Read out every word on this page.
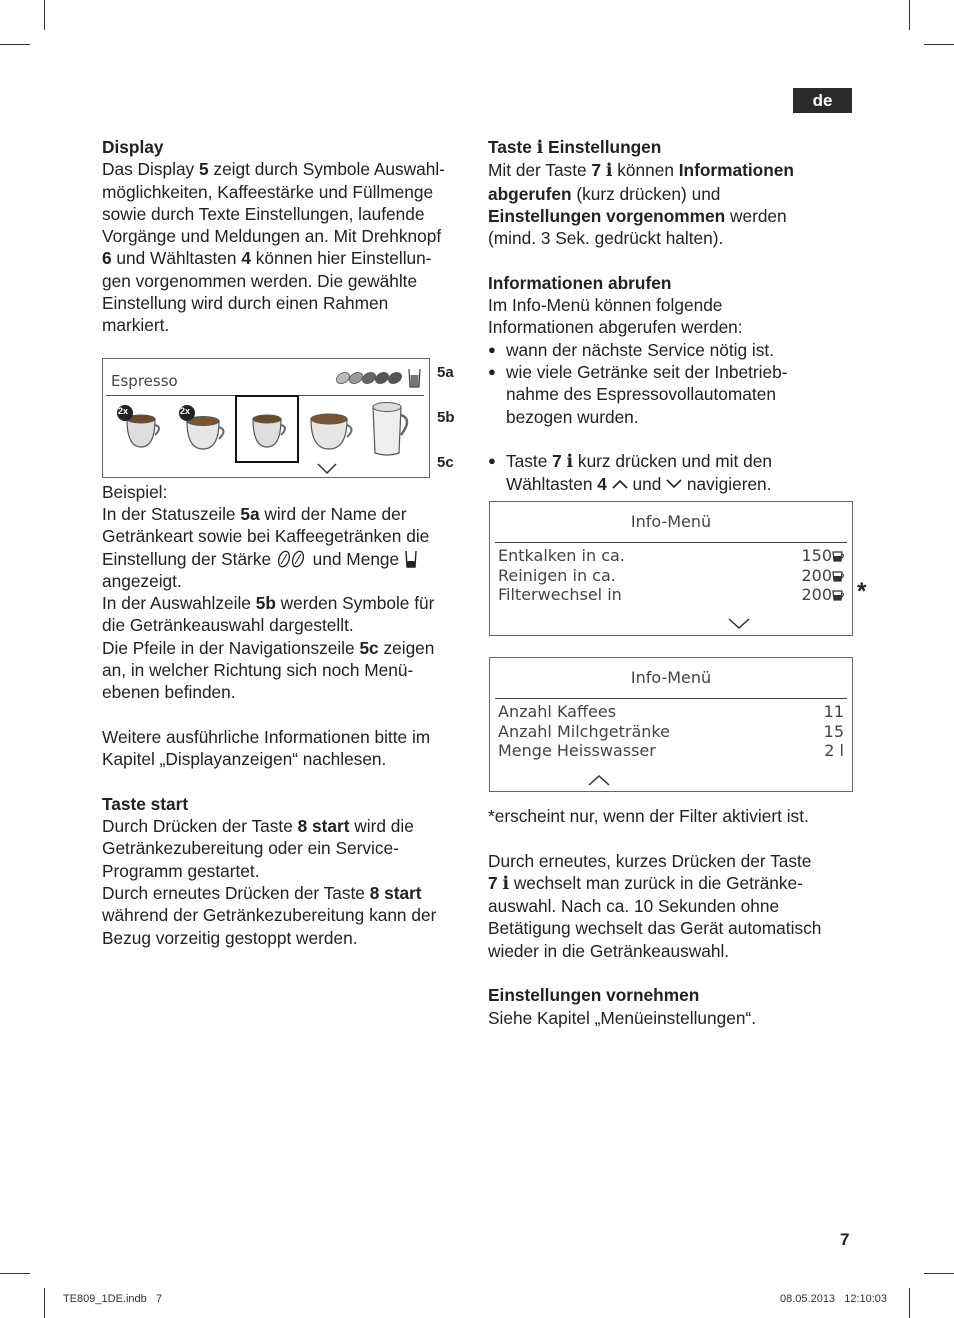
de

Display

Das Display 5 zeigt durch Symbole Auswahl-

möglichkeiten, Kaffeestärke und Füllmenge

sowie durch Texte Einstellungen, laufende

Vorgänge und Meldungen an. Mit Drehknopf

6 und Wähltasten 4 können hier Einstellun-

gen vorgenommen werden. Die gewählte

Einstellung wird durch einen Rahmen

markiert.

Beispiel:

In der Statuszeile 5a wird der Name der

Getränkeart sowie bei Kaffeegetränken die

Einstellung der Stärke  und Menge

angezeigt.

In der Auswahlzeile 5b werden Symbole für

die Getränkeauswahl dargestellt.

Die Pfeile in der Navigationszeile 5c zeigen

an, in welcher Richtung sich noch Menü-

ebenen befinden.

Weitere ausführliche Informationen bitte im

Kapitel „Displayanzeigen“ nachlesen.

Taste start

Durch Drücken der Taste 8 start wird die

Getränkezubereitung oder ein Service-

Programm gestartet.

Durch erneutes Drücken der Taste 8 start

während der Getränkezubereitung kann der

Bezug vorzeitig gestoppt werden.

Espresso
2x	2x
5a
5b
5c

Taste i Einstellungen

Mit der Taste 7 i können Informationen

abgerufen (kurz drücken) und

Einstellungen vorgenommen werden

(mind. 3 Sek. gedrückt halten).

Informationen abrufen

Im Info-Menü können folgende

Informationen abgerufen werden:

● wann der nächste Service nötig ist.

● wie viele Getränke seit der Inbetrieb-

nahme des Espressovollautomaten

bezogen wurden.

● Taste 7 i kurz drücken und mit den

Wähltasten 4  und  navigieren.

Info-Menü
Entkalken in ca.	150
Reinigen in ca.	200
Filterwechsel in	200	*
Info-Menü
Anzahl Kaffees	11
Anzahl Milchgetränke	15
Menge Heisswasser	2 l

*erscheint nur, wenn der Filter aktiviert ist.

Durch erneutes, kurzes Drücken der Taste

7 i wechselt man zurück in die Getränke-

auswahl. Nach ca. 10 Sekunden ohne

Betätigung wechselt das Gerät automatisch

wieder in die Getränkeauswahl.

Einstellungen vornehmen

Siehe Kapitel „Menüeinstellungen“.

7
TE809_1DE.indb   7	08.05.2013   12:10:03
